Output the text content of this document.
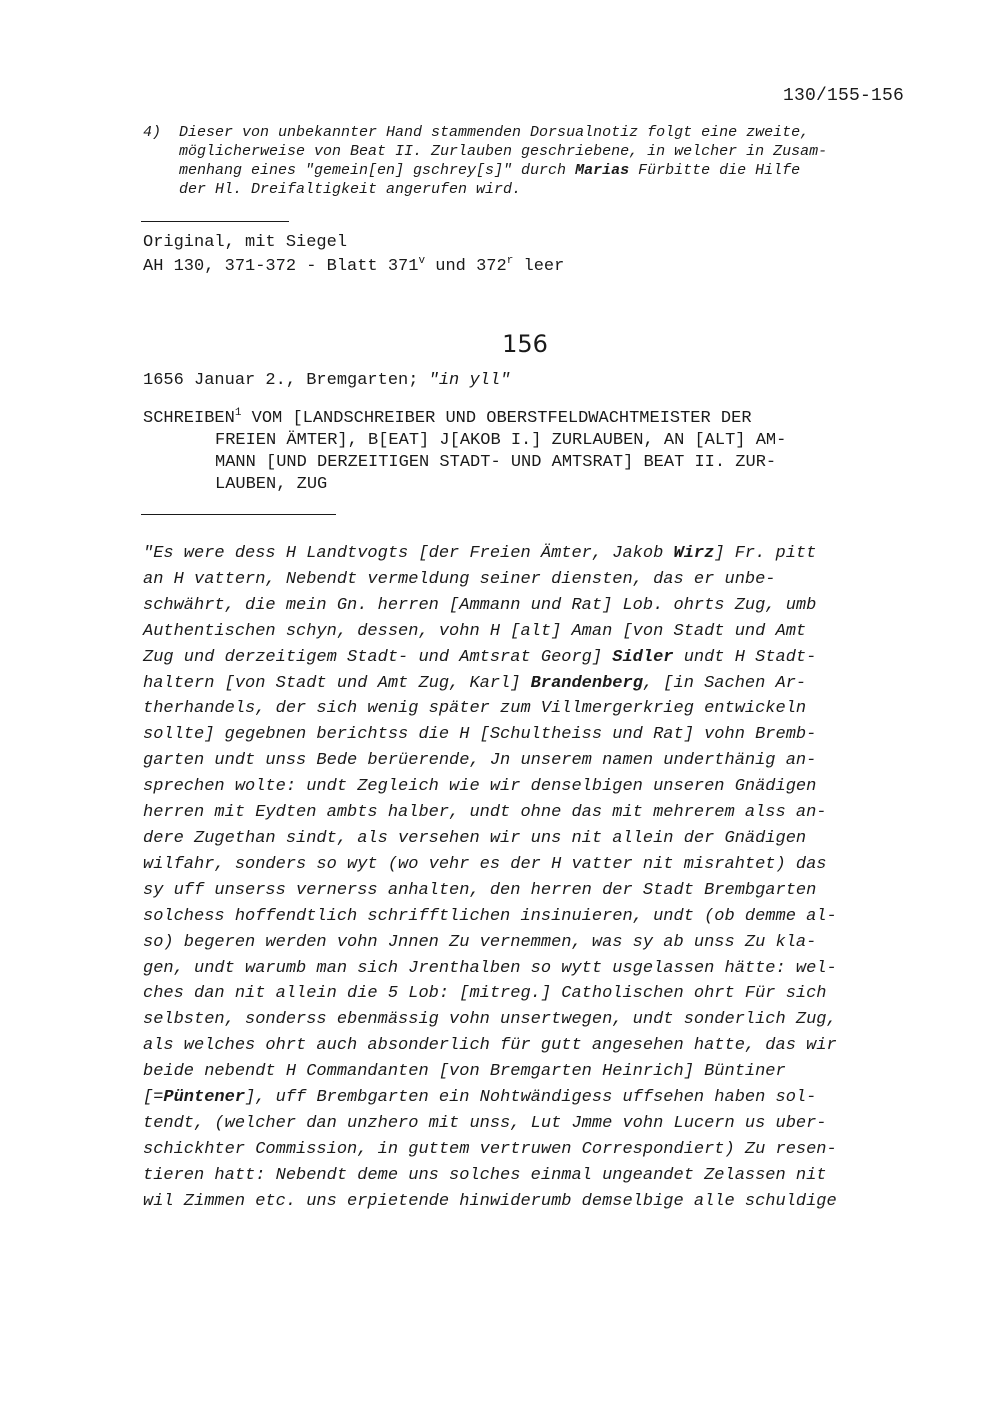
130/155-156
4) Dieser von unbekannter Hand stammenden Dorsualnotiz folgt eine zweite,
möglicherweise von Beat II. Zurlauben geschriebene, in welcher in Zusam-
menhang eines "gemein[en] gschrey[s]" durch Marias Fürbitte die Hilfe
der Hl. Dreifaltigkeit angerufen wird.
Original, mit Siegel
AH 130, 371-372 - Blatt 371$^v$ und 372$^r$ leer
156
1656 Januar 2., Bremgarten; "in yll"
SCHREIBEN$^1$ VOM [LANDSCHREIBER UND OBERSTFELDWACHTMEISTER DER
FREIEN ÄMTER], B[EAT] J[AKOB I.] ZURLAUBEN, AN [ALT] AM-
MANN [UND DERZEITIGEN STADT- UND AMTSRAT] BEAT II. ZUR-
LAUBEN, ZUG
"Es were dess H Landtvogts [der Freien Ämter, Jakob Wirz] Fr. pitt
an H vattern, Nebendt vermeldung seiner diensten, das er unbe-
schwährt, die mein Gn. herren [Ammann und Rat] Lob. ohrts Zug, umb
Authentischen schyn, dessen, vohn H [alt] Aman [von Stadt und Amt
Zug und derzeitigem Stadt- und Amtsrat Georg] Sidler undt H Stadt-
haltern [von Stadt und Amt Zug, Karl] Brandenberg, [in Sachen Ar-
therhandels, der sich wenig später zum Villmergerkrieg entwickeln
sollte] gegebnen berichtss die H [Schultheiss und Rat] vohn Bremb-
garten undt unss Bede berüerende, Jn unserem namen underthänig an-
sprechen wolte: undt Zegleich wie wir denselbigen unseren Gnädigen
herren mit Eydten ambts halber, undt ohne das mit mehrerem alss an-
dere Zugethan sindt, als versehen wir uns nit allein der Gnädigen
wilfahr, sonders so wyt (wo vehr es der H vatter nit misrahtet) das
sy uff unserss vernerss anhalten, den herren der Stadt Brembgarten
solchess hoffendtlich schrifftlichen insinuieren, undt (ob demme al-
so) begeren werden vohn Jnnen Zu vernemmen, was sy ab unss Zu kla-
gen, undt warumb man sich Jrenthalben so wytt usgelassen hätte: wel-
ches dan nit allein die 5 Lob: [mitreg.] Catholischen ohrt Für sich
selbsten, sonderss ebenmässig vohn unsertwegen, undt sonderlich Zug,
als welches ohrt auch absonderlich für gutt angesehen hatte, das wir
beide nebendt H Commandanten [von Bremgarten Heinrich] Büntiner
[=Püntener], uff Brembgarten ein Nohtwändigess uffsehen haben sol-
tendt, (welcher dan unzhero mit unss, Lut Jmme vohn Lucern us uber-
schickhter Commission, in guttem vertruwen Correspondiert) Zu resen-
tieren hatt: Nebendt deme uns solches einmal ungeandet Zelassen nit
wil Zimmen etc. uns erpietende hinwiderumb demselbige alle schuldige
